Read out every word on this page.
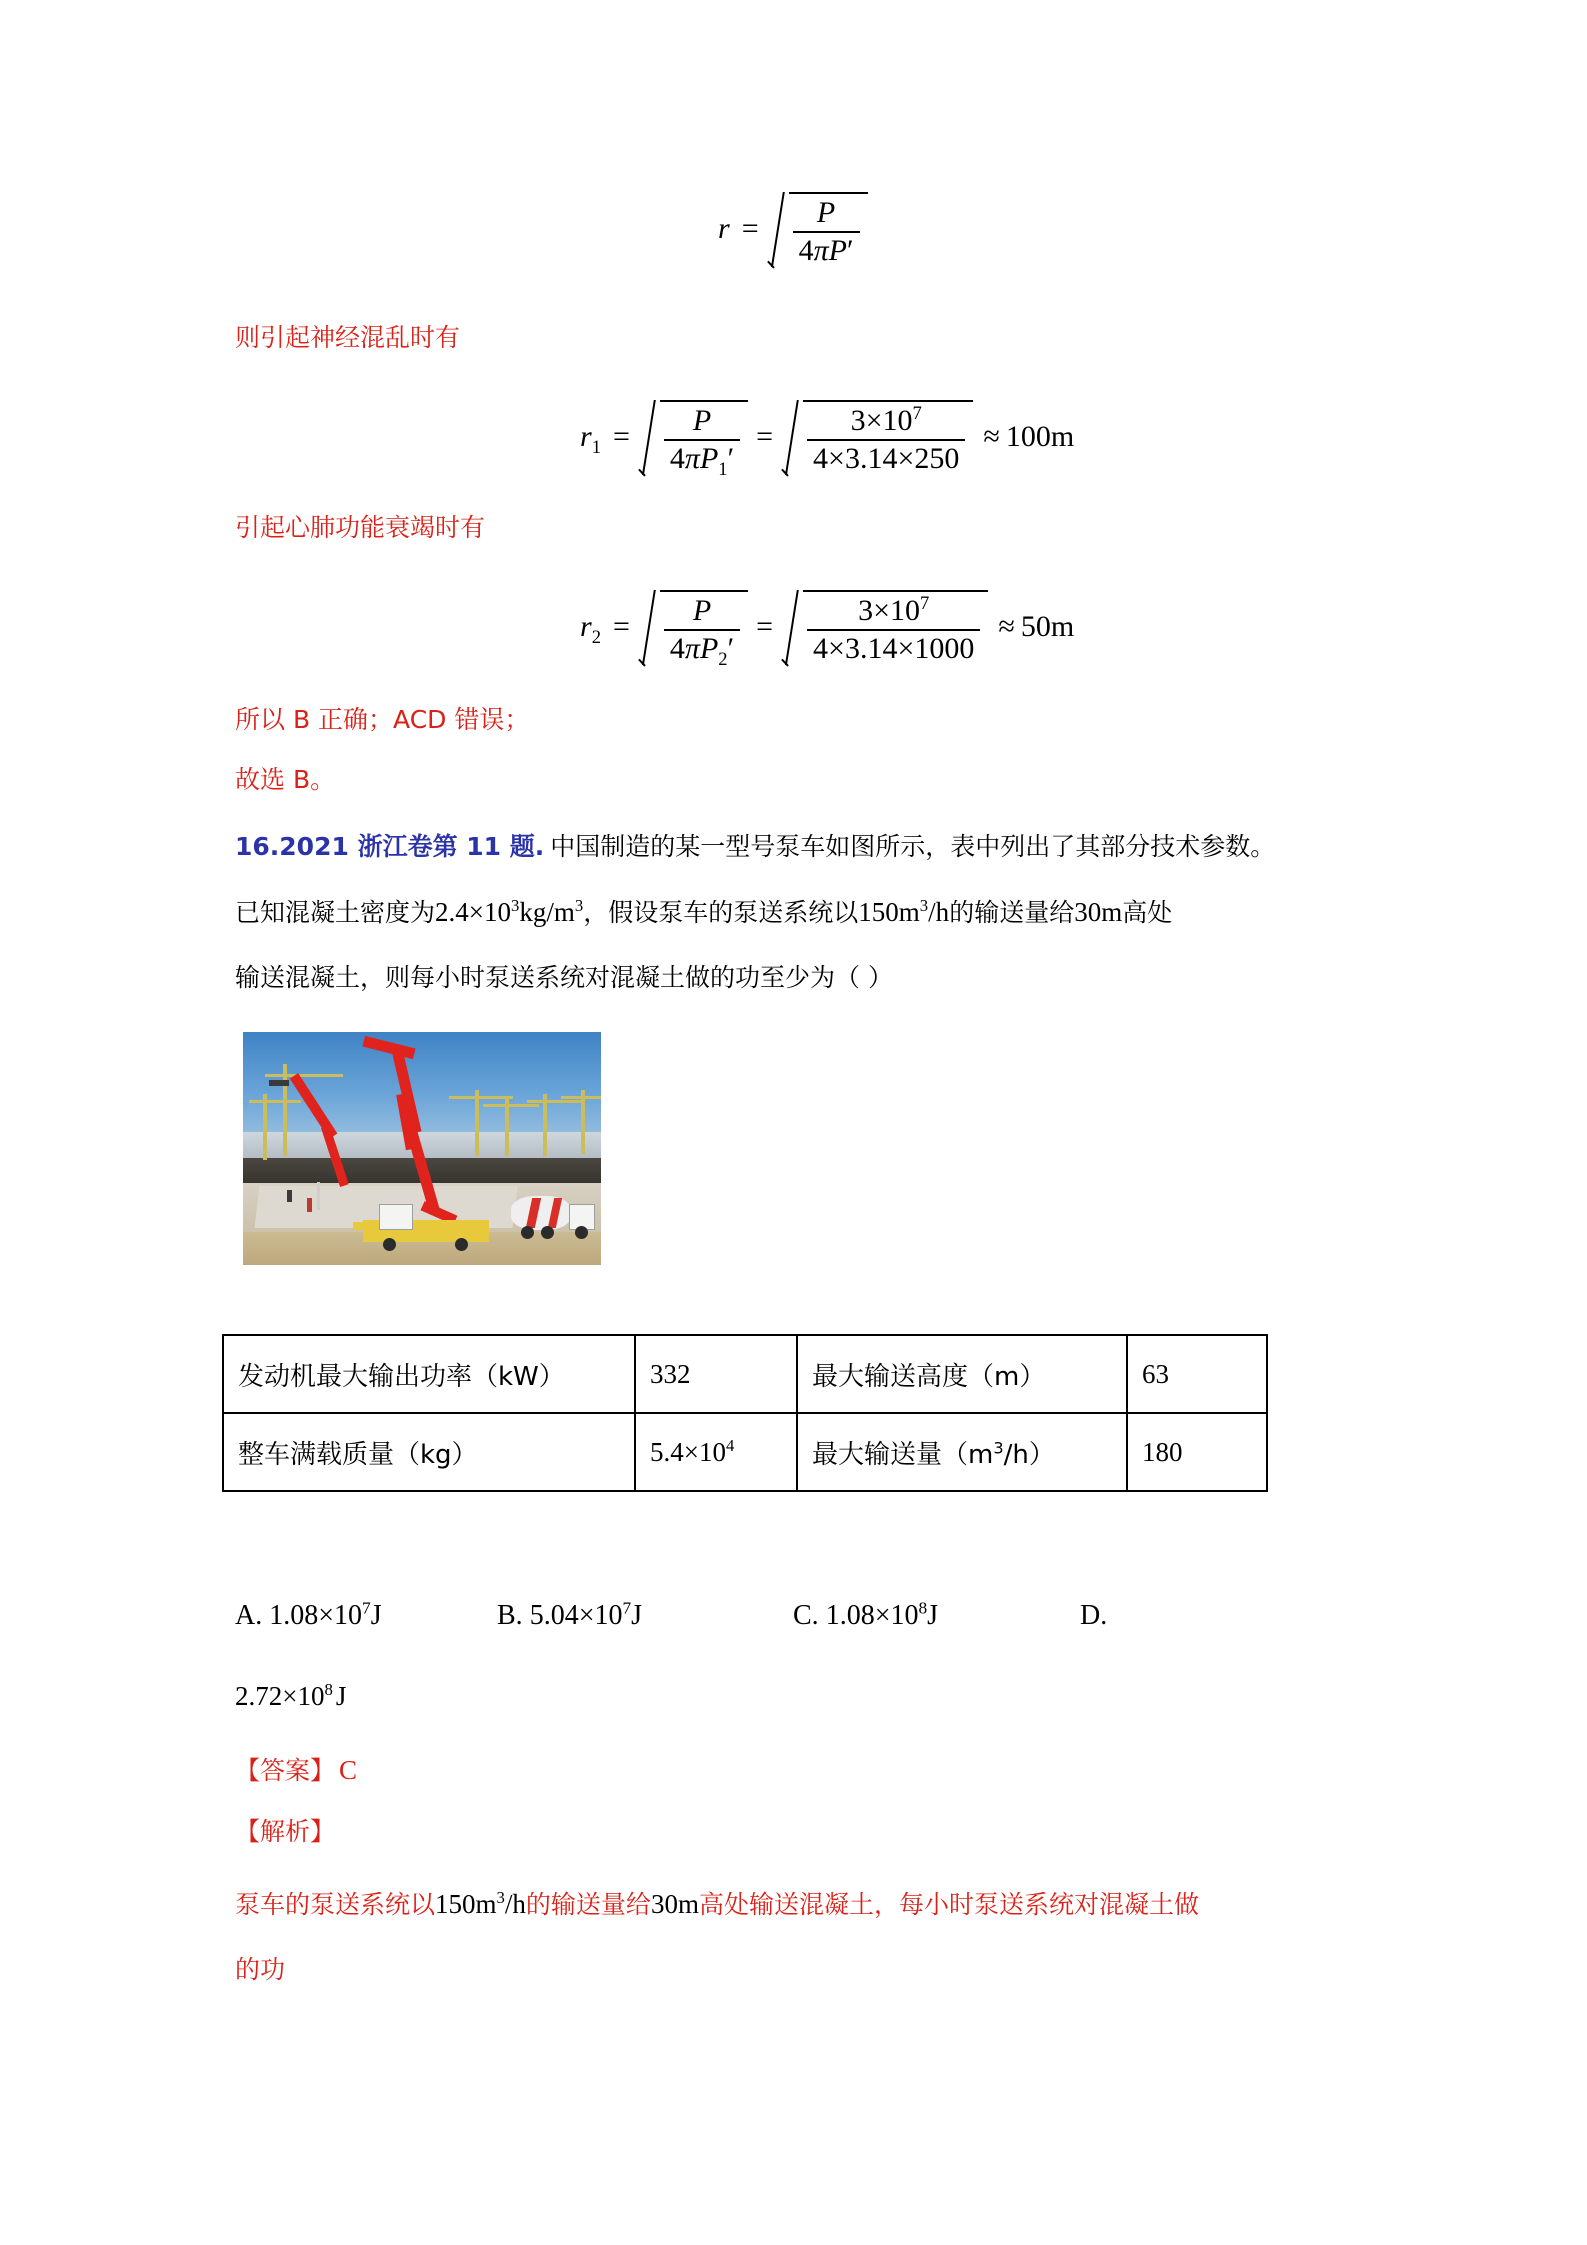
$r = \frac{P}{4\pi P'}$
则引起神经混乱时有
$r_1 = \frac{P}{4\pi P_1'} = \frac{3\times 10^7}{4\times 3.14\times 250} \approx 100m$
引起心肺功能衰竭时有
$r_2 = \frac{P}{4\pi P_2'} = \frac{3\times 10^7}{4\times 3.14\times 1000} \approx 50m$
所以 B 正确；ACD 错误；
故选 B。
16.2021 浙江卷第 11 题. 中国制造的某一型号泵车如图所示，表中列出了其部分技术参数。
已知混凝土密度为$2.4\times 10^3kg/m^3$，假设泵车的泵送系统以$150m^3/h$的输送量给30m高处
输送混凝土，则每小时泵送系统对混凝土做的功至少为（ ）
发动机最大输出功率（kW）	332	最大输送高度（m）	63
整车满载质量（kg）	$5.4\times 10^4$	最大输送量$(m^3/h)$	180
A. $1.08\times 10^7J$	B. $5.04\times 10^7J$	C. $1.08\times 10^8J$	D.
$2.72\times 10^8$ J
【答案】 C
【解析】
泵车的泵送系统以$150m^3/h$的输送量给30m高处输送混凝土，每小时泵送系统对混凝土做
的功
